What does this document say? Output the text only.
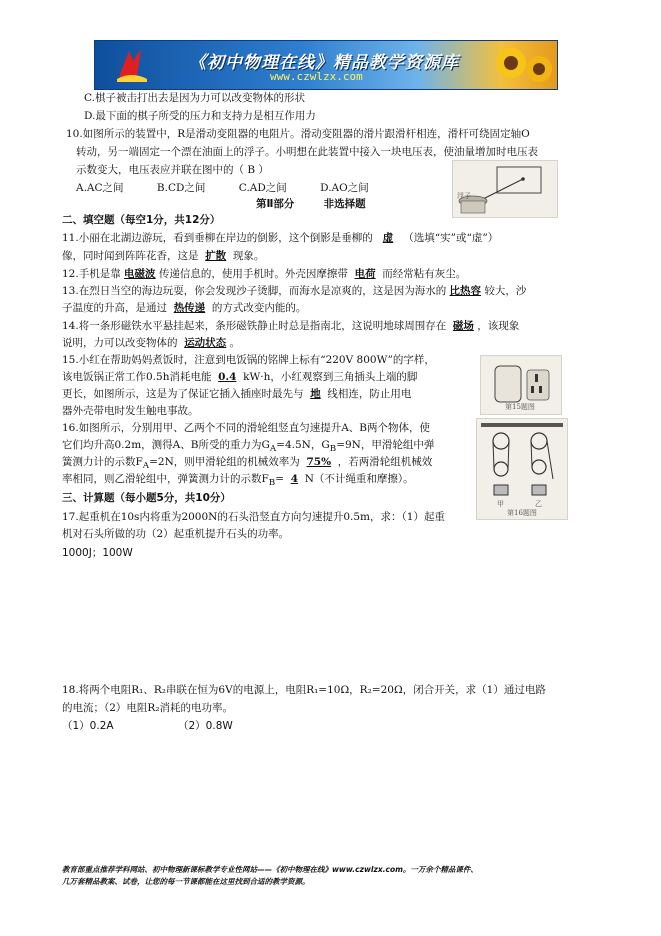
《初中物理在线》精品教学资源库
www.czwlzx.com
C.棋子被击打出去是因为力可以改变物体的形状
D.最下面的棋子所受的压力和支持力是相互作用力
10.如图所示的装置中，R是滑动变阻器的电阻片。滑动变阻器的滑片跟滑杆相连，滑杆可绕固定轴O
转动，另一端固定一个漂在油面上的浮子。小明想在此装置中接入一块电压表，使油量增加时电压表
示数变大，电压表应并联在图中的（ B ）
A.AC之间          B.CD之间          C.AD之间          D.AO之间
浮子
第Ⅱ部分        非选择题
二、填空题（每空1分，共12分）
11.小丽在北湖边游玩，看到垂柳在岸边的倒影，这个倒影是垂柳的 虚 （选填“实”或“虚”）
像，同时闻到阵阵花香，这是 扩散 现象。
12.手机是靠 电磁波 传递信息的，使用手机时。外壳因摩擦带 电荷 而经常粘有灰尘。
13.在烈日当空的海边玩耍，你会发现沙子烫脚，而海水是凉爽的，这是因为海水的 比热容 较大，沙
子温度的升高，是通过 热传递 的方式改变内能的。
14.将一条形磁铁水平悬挂起来，条形磁铁静止时总是指南北，这说明地球周围存在 磁场 ，该现象
说明，力可以改变物体的 运动状态 。
15.小红在帮助妈妈煮饭时，注意到电饭锅的铭牌上标有“220V 800W”的字样，
该电饭锅正常工作0.5h消耗电能 0.4 kW·h，小红观察到三角插头上端的脚
更长，如图所示，这是为了保证它插入插座时最先与 地 线相连，防止用电
器外壳带电时发生触电事故。	第15题图
16.如图所示，分别用甲、乙两个不同的滑轮组竖直匀速提升A、B两个物体，使
它们均升高0.2m，测得A、B所受的重力为$G_A=4.5N$，$G_B=9N$，甲滑轮组中弹
簧测力计的示数$F_A=2N$，则甲滑轮组的机械效率为 75% ，若两滑轮组机械效
率相同，则乙滑轮组中，弹簧测力计的示数$F_B= 4$ N（不计绳重和摩擦）。
甲	乙
第16题图
三、计算题（每小题5分，共10分）
17.起重机在10s内将重为2000N的石头沿竖直方向匀速提升0.5m，求：（1）起重
机对石头所做的功（2）起重机提升石头的功率。
1000J；100W
18.将两个电阻R₁、R₂串联在恒为6V的电源上，电阻R₁=10Ω，R₂=20Ω，闭合开关，求（1）通过电路
的电流；（2）电阻R₂消耗的电功率。
（1）0.2A	（2）0.8W
教育部重点推荐学科网站、初中物理新课标教学专业性网站——《初中物理在线》www.czwlzx.com。一万余个精品课件、
几万套精品教案、试卷，让您的每一节课都能在这里找到合适的教学资源。
